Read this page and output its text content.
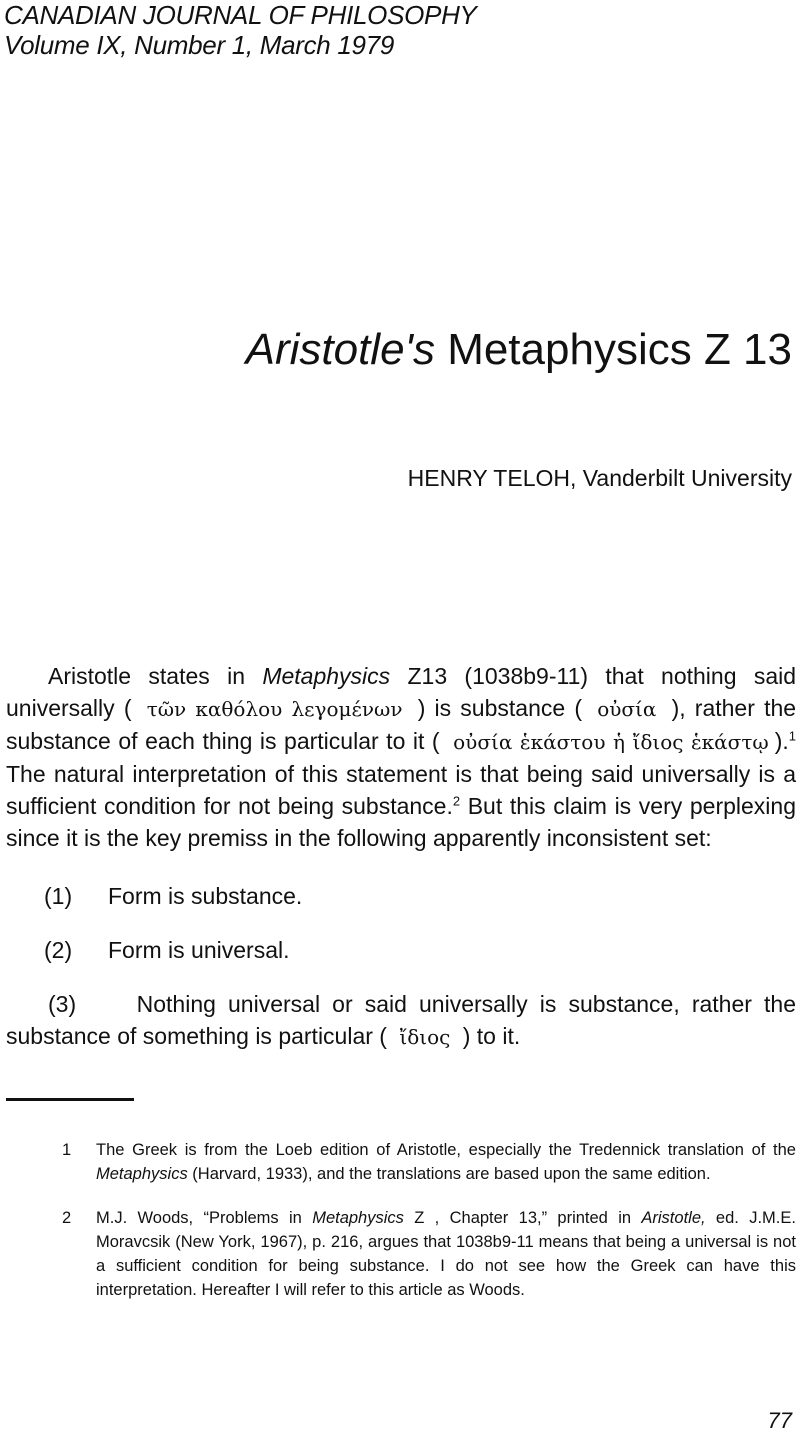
CANADIAN JOURNAL OF PHILOSOPHY
Volume IX, Number 1, March 1979
Aristotle's Metaphysics Z 13
HENRY TELOH, Vanderbilt University

Aristotle states in Metaphysics Z13 (1038b9-11) that nothing said universally ( τῶν καθόλου λεγομένων ) is substance ( οὐσία ), rather the substance of each thing is particular to it ( οὐσία ἑκάστου ἡ ἴδιος ἑκάστῳ ).$^1$ The natural interpretation of this statement is that being said universally is a sufficient condition for not being substance.$^2$ But this claim is very perplexing since it is the key premiss in the following apparently inconsistent set:

(1)	Form is substance.
(2)	Form is universal.

(3)	Nothing universal or said universally is substance, rather the substance of something is particular ( ἴδιος ) to it.

1	The Greek is from the Loeb edition of Aristotle, especially the Tredennick translation of the Metaphysics (Harvard, 1933), and the translations are based upon the same edition.
2	M.J. Woods, “Problems in Metaphysics Z , Chapter 13,” printed in Aristotle, ed. J.M.E. Moravcsik (New York, 1967), p. 216, argues that 1038b9-11 means that being a universal is not a sufficient condition for being substance. I do not see how the Greek can have this interpretation. Hereafter I will refer to this article as Woods.
77
